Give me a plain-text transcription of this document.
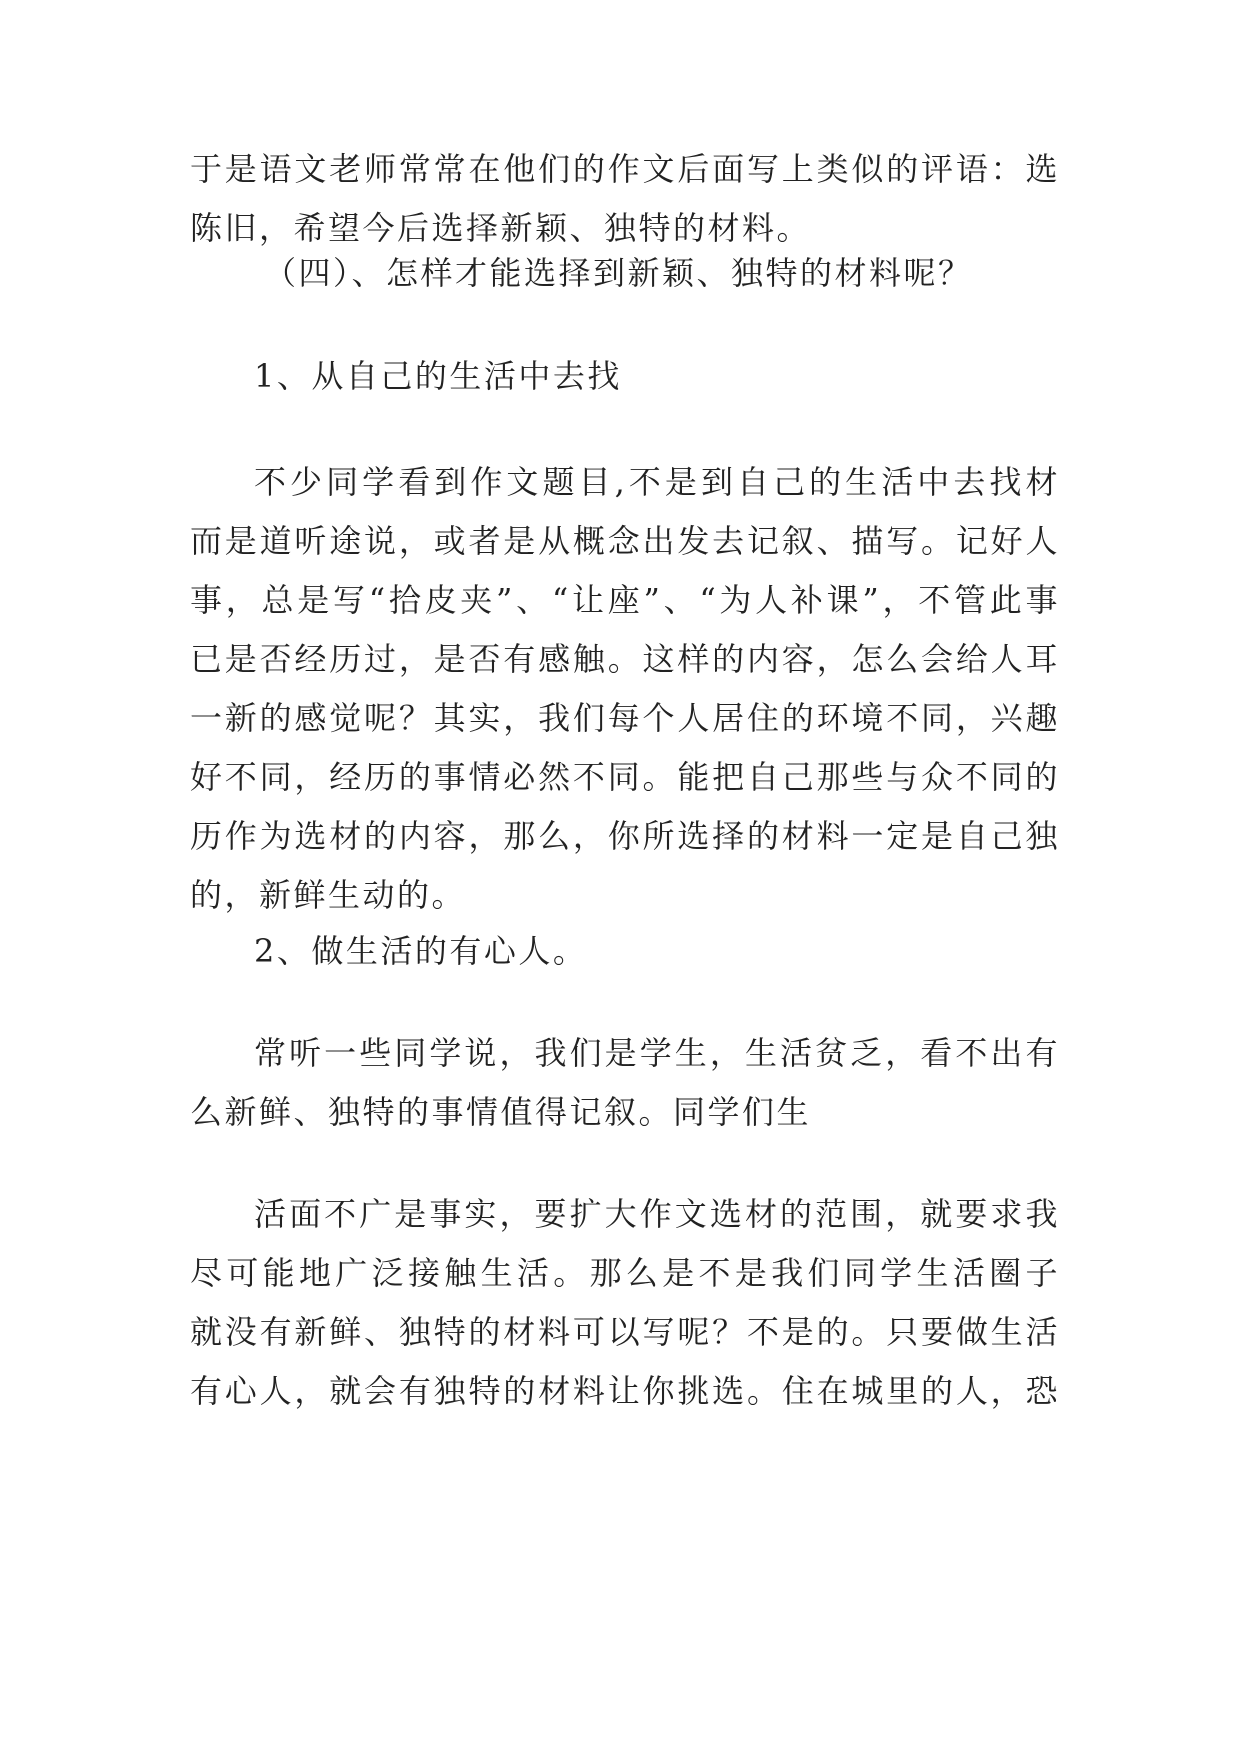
于是语文老师常常在他们的作文后面写上类似的评语：选
陈旧，希望今后选择新颖、独特的材料。
（四）、怎样才能选择到新颖、独特的材料呢？
1、从自己的生活中去找
不少同学看到作文题目,不是到自己的生活中去找材
而是道听途说，或者是从概念出发去记叙、描写。记好人
事，总是写“拾皮夹”、“让座”、“为人补课”，不管此事
已是否经历过，是否有感触。这样的内容，怎么会给人耳
一新的感觉呢？其实，我们每个人居住的环境不同，兴趣
好不同，经历的事情必然不同。能把自己那些与众不同的
历作为选材的内容，那么，你所选择的材料一定是自己独
的，新鲜生动的。
2、做生活的有心人。
常听一些同学说，我们是学生，生活贫乏，看不出有
么新鲜、独特的事情值得记叙。同学们生
活面不广是事实，要扩大作文选材的范围，就要求我
尽可能地广泛接触生活。那么是不是我们同学生活圈子
就没有新鲜、独特的材料可以写呢？不是的。只要做生活
有心人，就会有独特的材料让你挑选。住在城里的人，恐
